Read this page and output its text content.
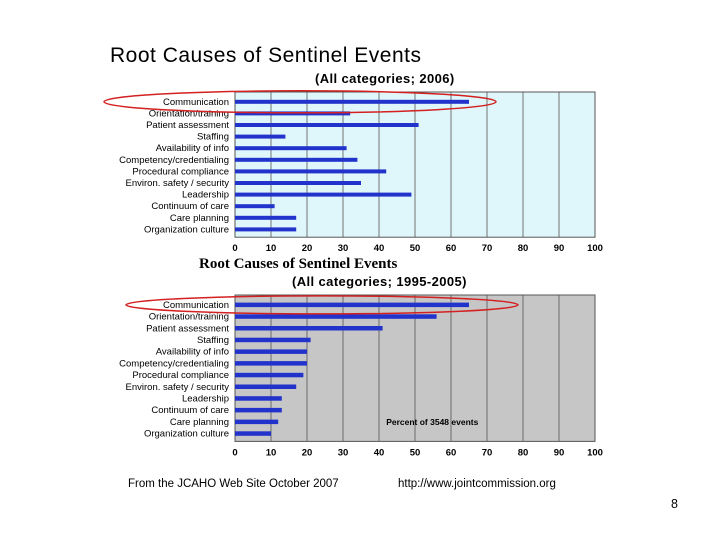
Root Causes of Sentinel Events
(All categories; 2006)
Communication
Orientation/training
Patient assessment
Staffing
Availability of info
Competency/credentialing
Procedural compliance
Environ. safety / security
Leadership
Continuum of care
Care planning
Organization culture
0	10	20	30	40	50	60	70	80	90 100
Root Causes of Sentinel Events
(All categories; 1995-2005)
Communication
Orientation/training
Patient assessment
Staffing
Availability of info
Competency/credentialing
Procedural compliance
Environ. safety / security
Leadership
Continuum of care
Care planning
Organization culture
0	10	20	30	40	50	60	70	80	90 100
Percent of 3548 events
From the JCAHO Web Site October 2007	http://www.jointcommission.org
8
